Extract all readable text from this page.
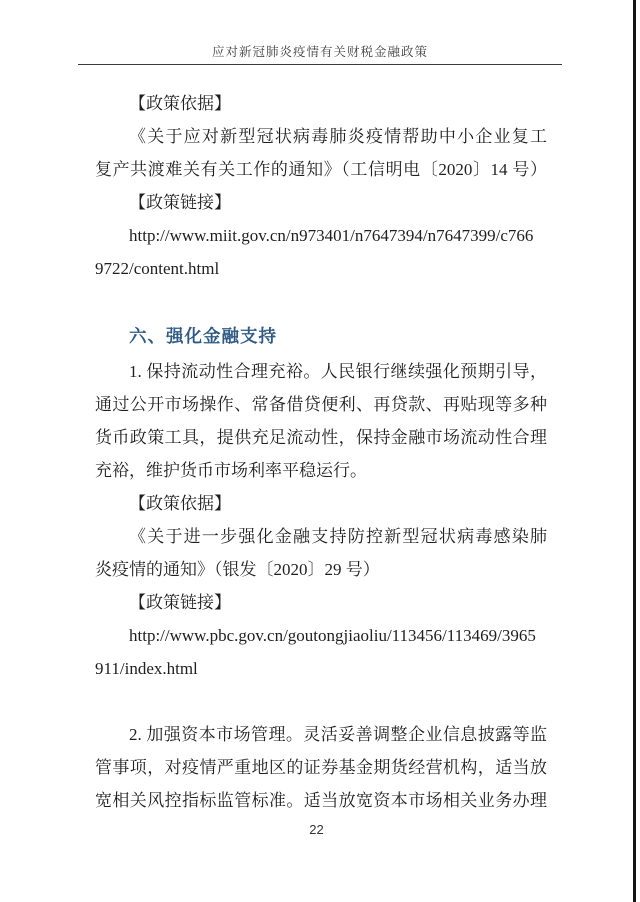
应对新冠肺炎疫情有关财税金融政策
【政策依据】
《关于应对新型冠状病毒肺炎疫情帮助中小企业复工
复产共渡难关有关工作的通知》（工信明电〔2020〕14 号）
【政策链接】
http://www.miit.gov.cn/n973401/n7647394/n7647399/c766
9722/content.html
六、强化金融支持
1. 保持流动性合理充裕。人民银行继续强化预期引导，
通过公开市场操作、常备借贷便利、再贷款、再贴现等多种
货币政策工具，提供充足流动性，保持金融市场流动性合理
充裕，维护货币市场利率平稳运行。
【政策依据】
《关于进一步强化金融支持防控新型冠状病毒感染肺
炎疫情的通知》（银发〔2020〕29 号）
【政策链接】
http://www.pbc.gov.cn/goutongjiaoliu/113456/113469/3965
911/index.html
2. 加强资本市场管理。灵活妥善调整企业信息披露等监
管事项，对疫情严重地区的证券基金期货经营机构，适当放
宽相关风控指标监管标准。适当放宽资本市场相关业务办理
22
